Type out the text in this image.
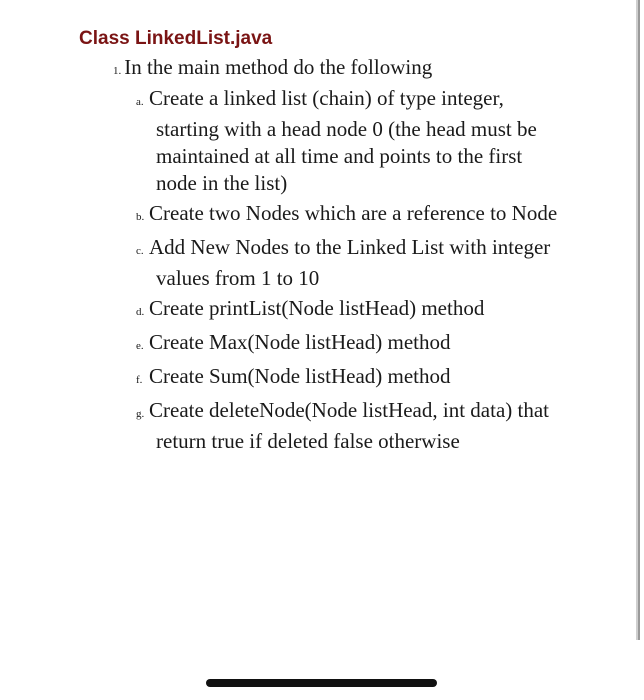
Class LinkedList.java
1. In the main method do the following
a. Create a linked list (chain) of type integer, starting with a head node 0 (the head must be maintained at all time and points to the first node in the list)
b. Create two Nodes which are a reference to Node
c. Add New Nodes to the Linked List with integer values from 1 to 10
d. Create printList(Node listHead) method
e. Create Max(Node listHead) method
f. Create Sum(Node listHead) method
g. Create deleteNode(Node listHead, int data) that return true if deleted false otherwise
